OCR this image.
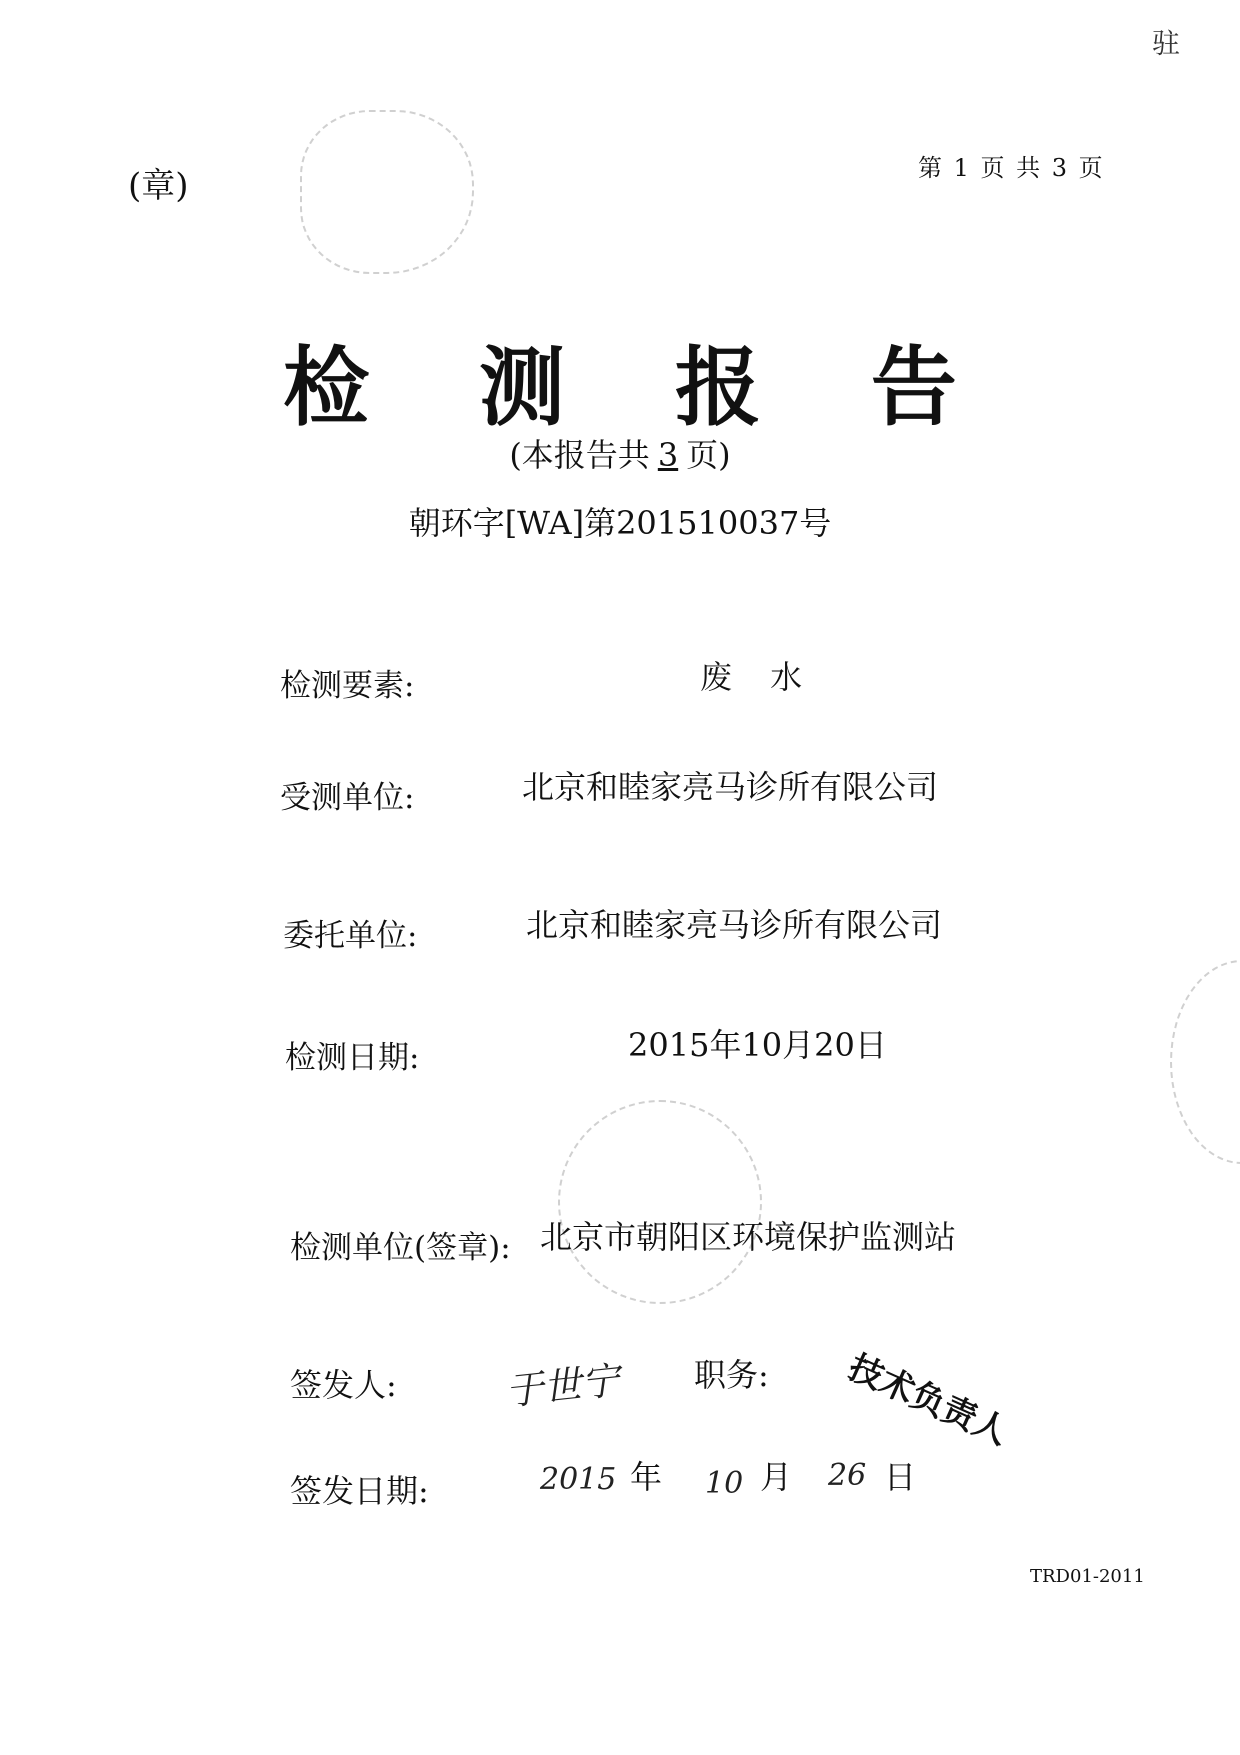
(章)	第 1 页 共 3 页
驻
检 测 报 告
(本报告共 3 页)
朝环字[WA]第201510037号
检测要素:	废 水
受测单位:	北京和睦家亮马诊所有限公司
委托单位:	北京和睦家亮马诊所有限公司
检测日期:	2015年10月20日
检测单位(签章): 北京市朝阳区环境保护监测站
签发人:	于世宁 职务: 技术负责人
签发日期:	2015 年 10 月 26 日
TRD01-2011
